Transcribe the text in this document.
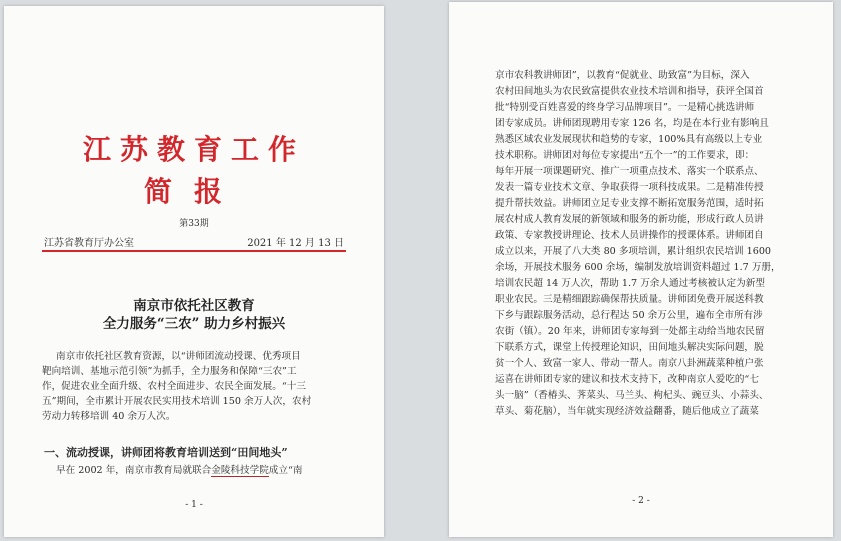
江苏教育工作
简报
第33期
江苏省教育厅办公室	2021 年 12 月 13 日
南京市依托社区教育
全力服务“三农” 助力乡村振兴
南京市依托社区教育资源，以“讲师团流动授课、优秀项目
靶向培训、基地示范引领”为抓手，全力服务和保障“三农”工
作，促进农业全面升级、农村全面进步、农民全面发展。“十三
五”期间，全市累计开展农民实用技术培训 150 余万人次，农村
劳动力转移培训 40 余万人次。
一、流动授课，讲师团将教育培训送到“田间地头”
早在 2002 年，南京市教育局就联合金陵科技学院成立“南
- 1 -
京市农科教讲师团”，以教育“促就业、助致富”为目标，深入
农村田间地头为农民致富提供农业技术培训和指导，获评全国首
批“特别受百姓喜爱的终身学习品牌项目”。一是精心挑选讲师
团专家成员。讲师团现聘用专家 126 名，均是在本行业有影响且
熟悉区域农业发展现状和趋势的专家，100%具有高级以上专业
技术职称。讲师团对每位专家提出“五个一”的工作要求，即：
每年开展一项课题研究、推广一项重点技术、落实一个联系点、
发表一篇专业技术文章、争取获得一项科技成果。二是精准传授
提升帮扶效益。讲师团立足专业支撑不断拓宽服务范围，适时拓
展农村成人教育发展的新领域和服务的新功能，形成行政人员讲
政策、专家教授讲理论、技术人员讲操作的授课体系。讲师团自
成立以来，开展了八大类 80 多项培训，累计组织农民培训 1600
余场，开展技术服务 600 余场，编制发放培训资料超过 1.7 万册，
培训农民超 14 万人次，帮助 1.7 万余人通过考核被认定为新型
职业农民。三是精细跟踪确保帮扶质量。讲师团免费开展送科教
下乡与跟踪服务活动，总行程达 50 余万公里，遍布全市所有涉
农街（镇）。20 年来，讲师团专家每到一处都主动给当地农民留
下联系方式，课堂上传授理论知识，田间地头解决实际问题，脱
贫一个人、致富一家人、带动一帮人。南京八卦洲蔬菜种植户张
运喜在讲师团专家的建议和技术支持下，改种南京人爱吃的“七
头一脑”（香椿头、荠菜头、马兰头、枸杞头、豌豆头、小蒜头、
草头、菊花脑），当年就实现经济效益翻番，随后他成立了蔬菜
- 2 -
